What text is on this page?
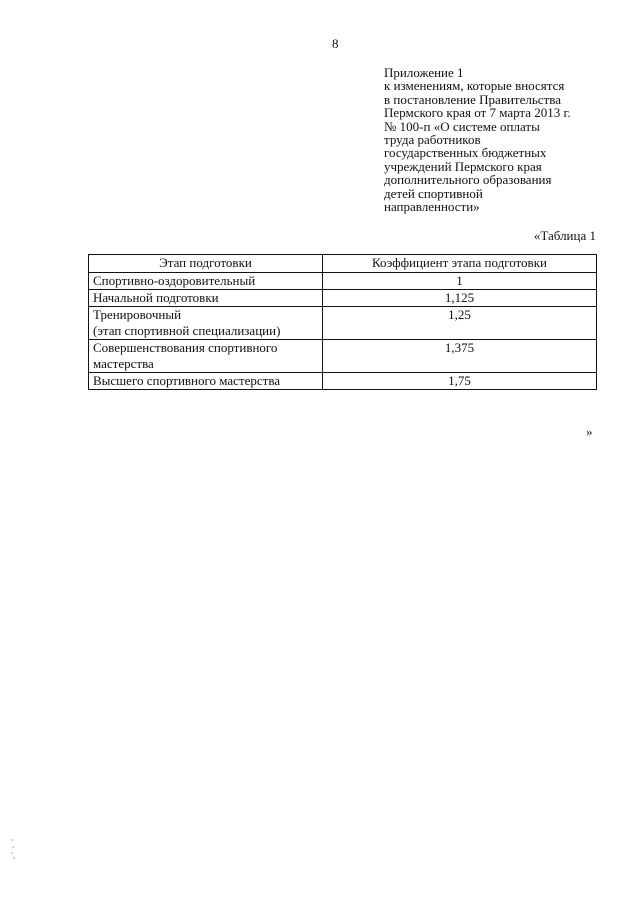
8
Приложение 1
к изменениям, которые вносятся
в постановление Правительства
Пермского края от 7 марта 2013 г.
№ 100-п «О системе оплаты
труда работников
государственных бюджетных
учреждений Пермского края
дополнительного образования
детей спортивной
направленности»
«Таблица 1
Этап подготовки	Коэффициент этапа подготовки

Спортивно-оздоровительный	1

Начальной подготовки	1,125

Тренировочный
(этап спортивной специализации)	1,25

Совершенствования спортивного
мастерства	1,375

Высшего спортивного мастерства	1,75
»
